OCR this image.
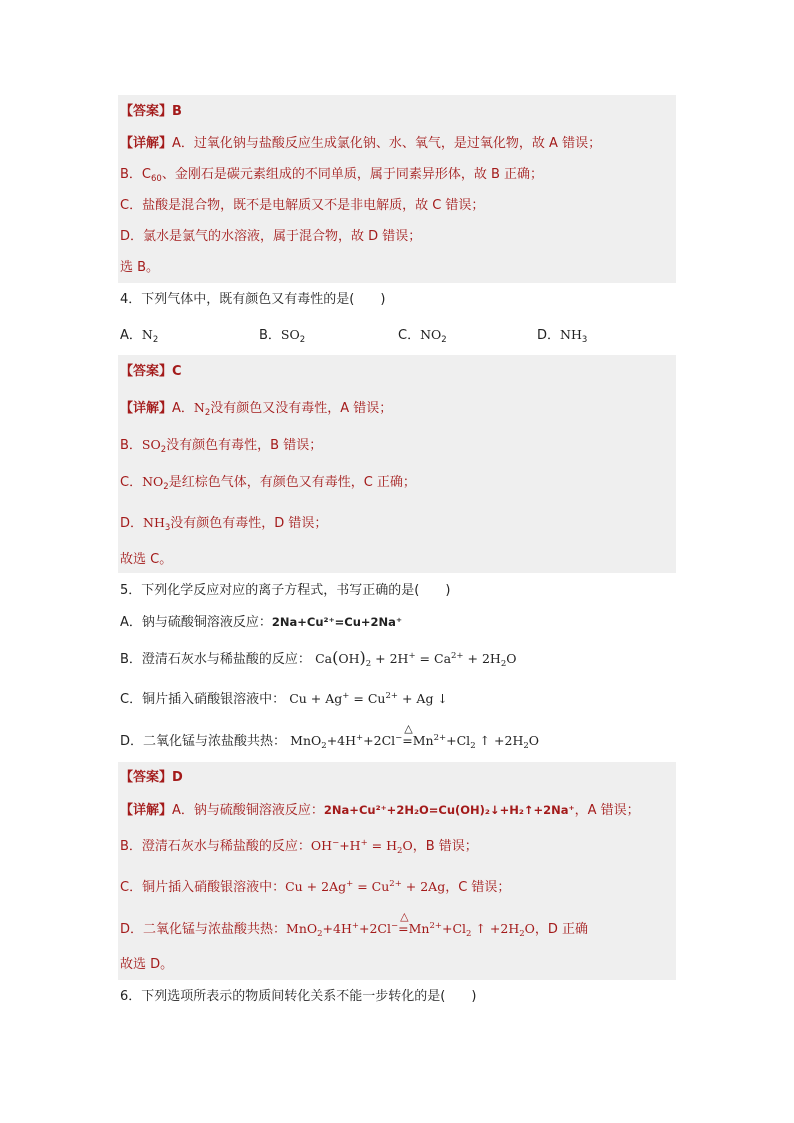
【答案】B
【详解】A．过氧化钠与盐酸反应生成氯化钠、水、氧气，是过氧化物，故 A 错误；
B．$C_{60}$、金刚石是碳元素组成的不同单质，属于同素异形体，故 B 正确；
C．盐酸是混合物，既不是电解质又不是非电解质，故 C 错误；
D．氯水是氯气的水溶液，属于混合物，故 D 错误；
选 B。
4．下列气体中，既有颜色又有毒性的是(　　)
A．$N_2$	B．$SO_2$	C．$NO_2$	D．$NH_3$
【答案】C
【详解】A．$N_2$没有颜色又没有毒性，A 错误；
B．$SO_2$没有颜色有毒性，B 错误；
C．$NO_2$是红棕色气体，有颜色又有毒性，C 正确；
D．$NH_3$没有颜色有毒性，D 错误；
故选 C。
5．下列化学反应对应的离子方程式，书写正确的是(　　)
A．钠与硫酸铜溶液反应：2Na+Cu²⁺=Cu+2Na⁺
B．澄清石灰水与稀盐酸的反应： $Ca(OH)_2 + 2H^+ = Ca^{2+} + 2H_2O$
C．铜片插入硝酸银溶液中： $Cu + Ag^+ = Cu^{2+} + Ag$ ↓
D．二氧化锰与浓盐酸共热： MnO$_2$+4H++2Cl−
△
$=Mn^{2+}+Cl_2$ ↑ $+2H_2O$
【答案】D
【详解】A．钠与硫酸铜溶液反应：2Na+Cu²⁺+2H₂O=Cu(OH)₂↓+H₂↑+2Na⁺，A 错误；
B．澄清石灰水与稀盐酸的反应：$OH^-+H^+ = H_2O$，B 错误；
C．铜片插入硝酸银溶液中：$Cu + 2Ag^+ = Cu^{2+} + 2Ag$，C 错误；
D．二氧化锰与浓盐酸共热：MnO$_2$+4H++2Cl−
△
$=Mn^{2+}+Cl_2$ ↑ $+2H_2O$，D 正确
故选 D。
6．下列选项所表示的物质间转化关系不能一步转化的是(　　)
